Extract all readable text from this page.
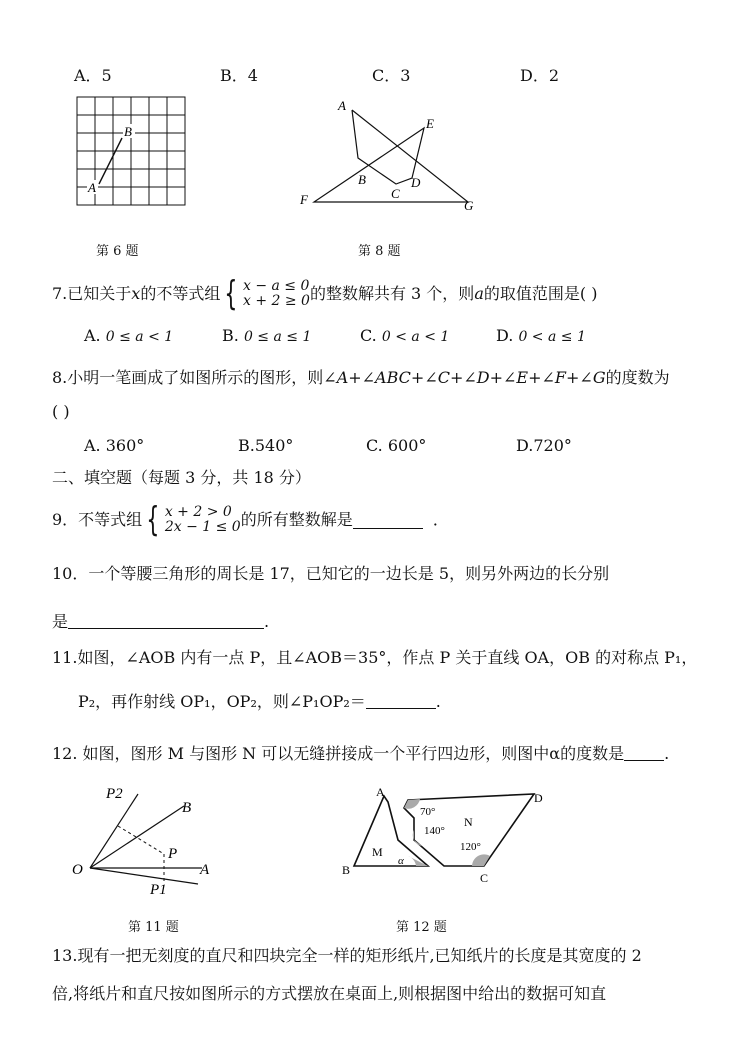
A．5	B．4	C．3	D．2
A
B
第 6 题
A
E
B
C
D
F	G
第 8 题
7.已知关于 x 的不等式组 { x − a ≤ 0
x + 2 ≥ 0 的整数解共有 3 个，则 a 的取值范围是( )
A. 0 ≤ a < 1	B. 0 ≤ a ≤ 1	C. 0 < a < 1	D. 0 < a ≤ 1
8.小明一笔画成了如图所示的图形，则∠A+∠ABC+∠C+∠D+∠E+∠F+∠G的度数为
( )
A. 360°	B.540°	C. 600°	D.720°
二、填空题（每题 3 分，共 18 分）
9．不等式组 { x + 2 > 0
2x − 1 ≤ 0 的所有整数解是
	．
10．一个等腰三角形的周长是 17，已知它的一边长是 5，则另外两边的长分别
是	.
11.如图，∠AOB 内有一点 P，且∠AOB＝35°，作点 P 关于直线 OA，OB 的对称点 P₁，
P₂，再作射线 OP₁，OP₂，则∠P₁OP₂＝	.
12. 如图，图形 M 与图形 N 可以无缝拼接成一个平行四边形，则图中α的度数是	.
P2
B
P
O	A
P1
第 11 题
A
B
M
α
D
N
C
70°
140°
120°
第 12 题
13.现有一把无刻度的直尺和四块完全一样的矩形纸片,已知纸片的长度是其宽度的 2
倍,将纸片和直尺按如图所示的方式摆放在桌面上,则根据图中给出的数据可知直
